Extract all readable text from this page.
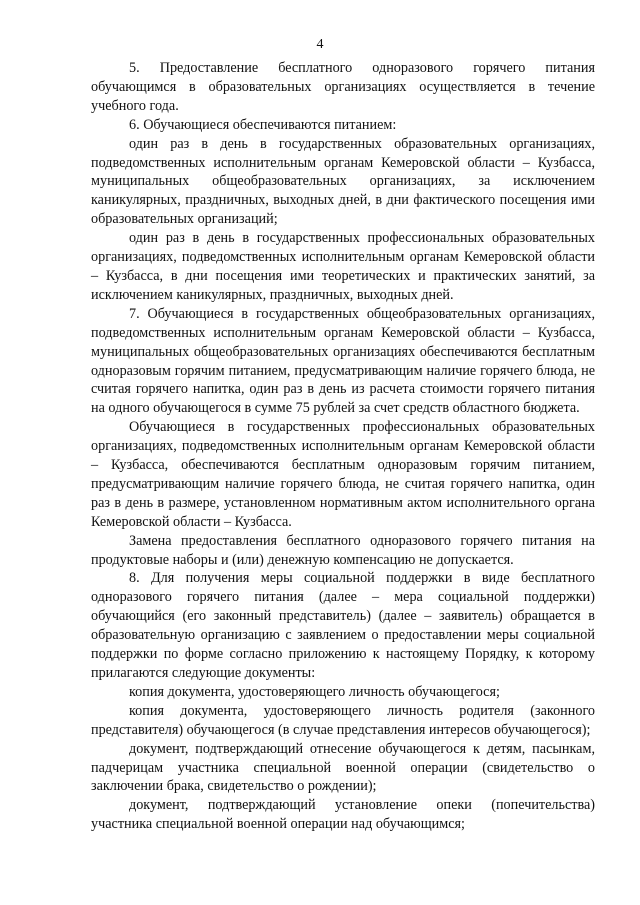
4

5. Предоставление бесплатного одноразового горячего питания обучающимся в образовательных организациях осуществляется в течение учебного года.

6. Обучающиеся обеспечиваются питанием:

один раз в день в государственных образовательных организациях, подведомственных исполнительным органам Кемеровской области – Кузбасса, муниципальных общеобразовательных организациях, за исключением каникулярных, праздничных, выходных дней, в дни фактического посещения ими образовательных организаций;

один раз в день в государственных профессиональных образовательных организациях, подведомственных исполнительным органам Кемеровской области – Кузбасса, в дни посещения ими теоретических и практических занятий, за исключением каникулярных, праздничных, выходных дней.

7. Обучающиеся в государственных общеобразовательных организациях, подведомственных исполнительным органам Кемеровской области – Кузбасса, муниципальных общеобразовательных организациях обеспечиваются бесплатным одноразовым горячим питанием, предусматривающим наличие горячего блюда, не считая горячего напитка, один раз в день из расчета стоимости горячего питания на одного обучающегося в сумме 75 рублей за счет средств областного бюджета.

Обучающиеся в государственных профессиональных образовательных организациях, подведомственных исполнительным органам Кемеровской области – Кузбасса, обеспечиваются бесплатным одноразовым горячим питанием, предусматривающим наличие горячего блюда, не считая горячего напитка, один раз в день в размере, установленном нормативным актом исполнительного органа Кемеровской области – Кузбасса.

Замена предоставления бесплатного одноразового горячего питания на продуктовые наборы и (или) денежную компенсацию не допускается.

8. Для получения меры социальной поддержки в виде бесплатного одноразового горячего питания (далее – мера социальной поддержки) обучающийся (его законный представитель) (далее – заявитель) обращается в образовательную организацию с заявлением о предоставлении меры социальной поддержки по форме согласно приложению к настоящему Порядку, к которому прилагаются следующие документы:

копия документа, удостоверяющего личность обучающегося;

копия документа, удостоверяющего личность родителя (законного представителя) обучающегося (в случае представления интересов обучающегося);

документ, подтверждающий отнесение обучающегося к детям, пасынкам, падчерицам участника специальной военной операции (свидетельство о заключении брака, свидетельство о рождении);

документ, подтверждающий установление опеки (попечительства) участника специальной военной операции над обучающимся;
